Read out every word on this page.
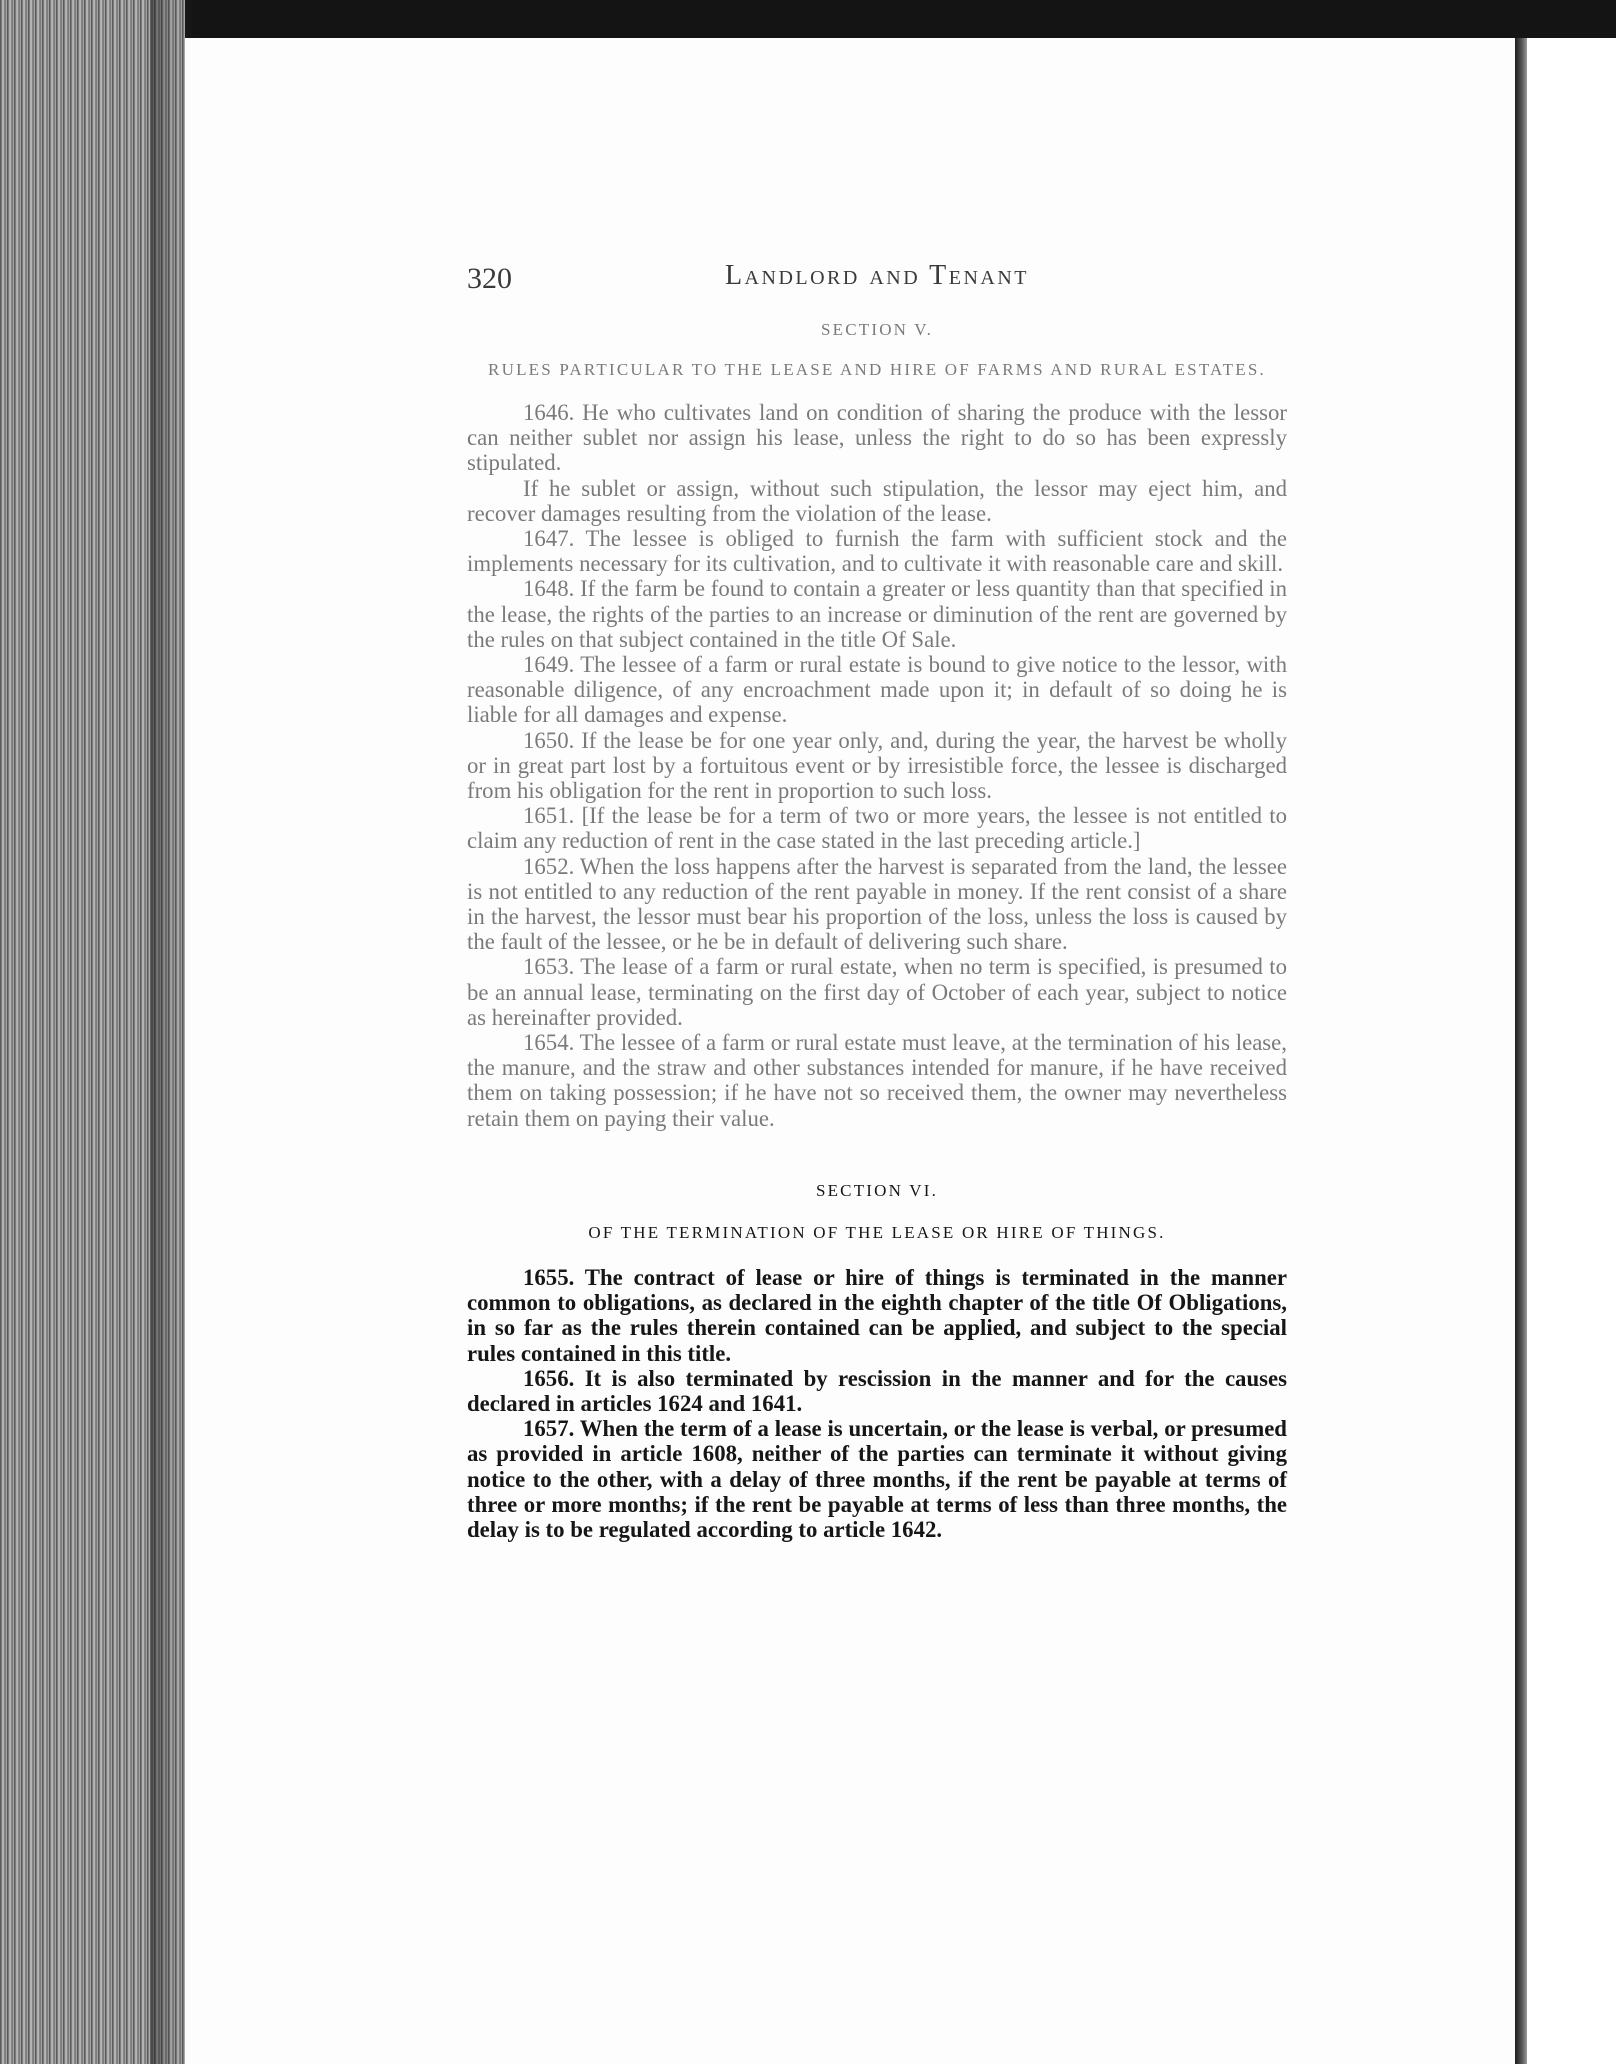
320	Landlord and Tenant
SECTION V.
RULES PARTICULAR TO THE LEASE AND HIRE OF FARMS AND RURAL ESTATES.

1646. He who cultivates land on condition of sharing the produce with the lessor can neither sublet nor assign his lease, unless the right to do so has been expressly stipulated.

If he sublet or assign, without such stipulation, the lessor may eject him, and recover damages resulting from the violation of the lease.

1647. The lessee is obliged to furnish the farm with sufficient stock and the implements necessary for its cultivation, and to cultivate it with reasonable care and skill.

1648. If the farm be found to contain a greater or less quantity than that specified in the lease, the rights of the parties to an increase or diminution of the rent are governed by the rules on that subject contained in the title Of Sale.

1649. The lessee of a farm or rural estate is bound to give notice to the lessor, with reasonable diligence, of any encroachment made upon it; in default of so doing he is liable for all damages and expense.

1650. If the lease be for one year only, and, during the year, the harvest be wholly or in great part lost by a fortuitous event or by irresistible force, the lessee is discharged from his obligation for the rent in proportion to such loss.

1651. [If the lease be for a term of two or more years, the lessee is not entitled to claim any reduction of rent in the case stated in the last preceding article.]

1652. When the loss happens after the harvest is separated from the land, the lessee is not entitled to any reduction of the rent payable in money. If the rent consist of a share in the harvest, the lessor must bear his proportion of the loss, unless the loss is caused by the fault of the lessee, or he be in default of delivering such share.

1653. The lease of a farm or rural estate, when no term is specified, is presumed to be an annual lease, terminating on the first day of October of each year, subject to notice as hereinafter provided.

1654. The lessee of a farm or rural estate must leave, at the termination of his lease, the manure, and the straw and other substances intended for manure, if he have received them on taking possession; if he have not so received them, the owner may nevertheless retain them on paying their value.

SECTION VI.
OF THE TERMINATION OF THE LEASE OR HIRE OF THINGS.

1655. The contract of lease or hire of things is terminated in the manner common to obligations, as declared in the eighth chapter of the title Of Obligations, in so far as the rules therein contained can be applied, and subject to the special rules contained in this title.

1656. It is also terminated by rescission in the manner and for the causes declared in articles 1624 and 1641.

1657. When the term of a lease is uncertain, or the lease is verbal, or presumed as provided in article 1608, neither of the parties can terminate it without giving notice to the other, with a delay of three months, if the rent be payable at terms of three or more months; if the rent be payable at terms of less than three months, the delay is to be regulated according to article 1642.
